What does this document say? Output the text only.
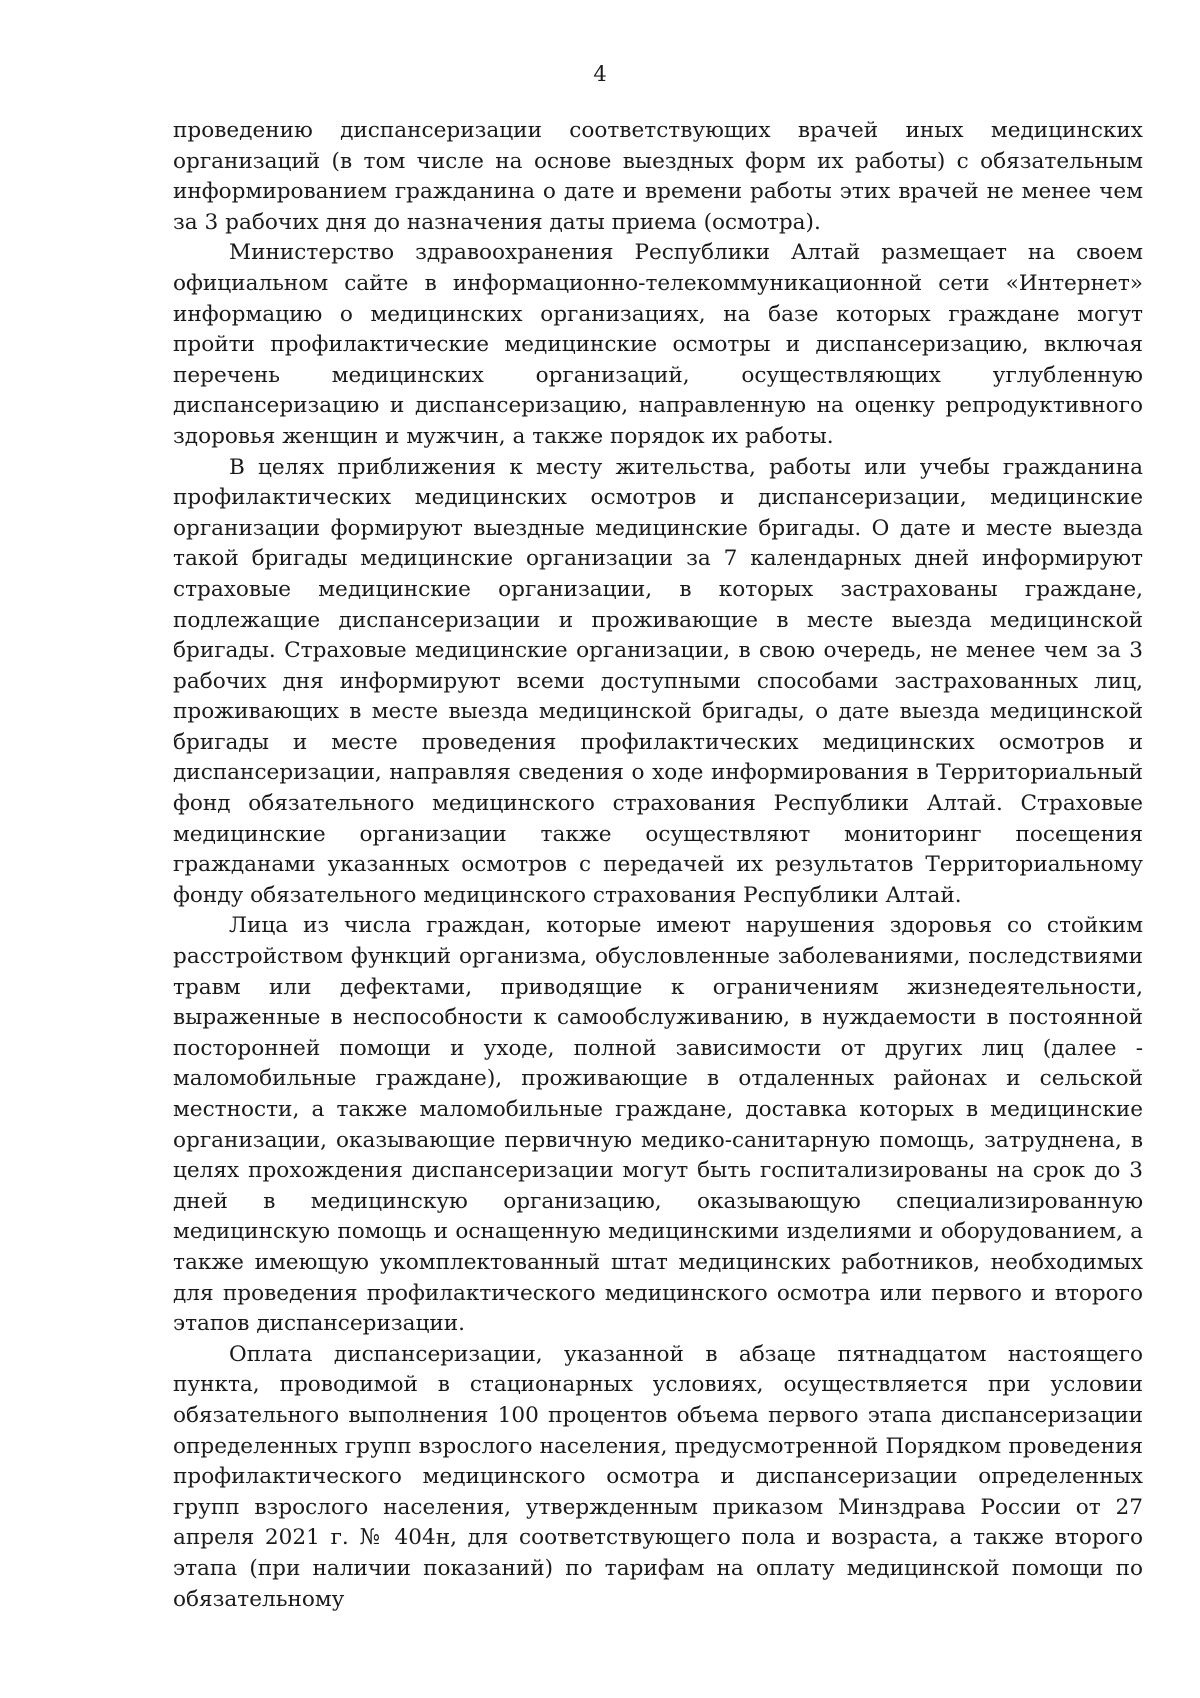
4

проведению диспансеризации соответствующих врачей иных медицинских организаций (в том числе на основе выездных форм их работы) с обязательным информированием гражданина о дате и времени работы этих врачей не менее чем за 3 рабочих дня до назначения даты приема (осмотра).

Министерство здравоохранения Республики Алтай размещает на своем официальном сайте в информационно-телекоммуникационной сети «Интернет» информацию о медицинских организациях, на базе которых граждане могут пройти профилактические медицинские осмотры и диспансеризацию, включая перечень медицинских организаций, осуществляющих углубленную диспансеризацию и диспансеризацию, направленную на оценку репродуктивного здоровья женщин и мужчин, а также порядок их работы.

В целях приближения к месту жительства, работы или учебы гражданина профилактических медицинских осмотров и диспансеризации, медицинские организации формируют выездные медицинские бригады. О дате и месте выезда такой бригады медицинские организации за 7 календарных дней информируют страховые медицинские организации, в которых застрахованы граждане, подлежащие диспансеризации и проживающие в месте выезда медицинской бригады. Страховые медицинские организации, в свою очередь, не менее чем за 3 рабочих дня информируют всеми доступными способами застрахованных лиц, проживающих в месте выезда медицинской бригады, о дате выезда медицинской бригады и месте проведения профилактических медицинских осмотров и диспансеризации, направляя сведения о ходе информирования в Территориальный фонд обязательного медицинского страхования Республики Алтай. Страховые медицинские организации также осуществляют мониторинг посещения гражданами указанных осмотров с передачей их результатов Территориальному фонду обязательного медицинского страхования Республики Алтай.

Лица из числа граждан, которые имеют нарушения здоровья со стойким расстройством функций организма, обусловленные заболеваниями, последствиями травм или дефектами, приводящие к ограничениям жизнедеятельности, выраженные в неспособности к самообслуживанию, в нуждаемости в постоянной посторонней помощи и уходе, полной зависимости от других лиц (далее - маломобильные граждане), проживающие в отдаленных районах и сельской местности, а также маломобильные граждане, доставка которых в медицинские организации, оказывающие первичную медико-санитарную помощь, затруднена, в целях прохождения диспансеризации могут быть госпитализированы на срок до 3 дней в медицинскую организацию, оказывающую специализированную медицинскую помощь и оснащенную медицинскими изделиями и оборудованием, а также имеющую укомплектованный штат медицинских работников, необходимых для проведения профилактического медицинского осмотра или первого и второго этапов диспансеризации.

Оплата диспансеризации, указанной в абзаце пятнадцатом настоящего пункта, проводимой в стационарных условиях, осуществляется при условии обязательного выполнения 100 процентов объема первого этапа диспансеризации определенных групп взрослого населения, предусмотренной Порядком проведения профилактического медицинского осмотра и диспансеризации определенных групп взрослого населения, утвержденным приказом Минздрава России от 27 апреля 2021 г. № 404н, для соответствующего пола и возраста, а также второго этапа (при наличии показаний) по тарифам на оплату медицинской помощи по обязательному
